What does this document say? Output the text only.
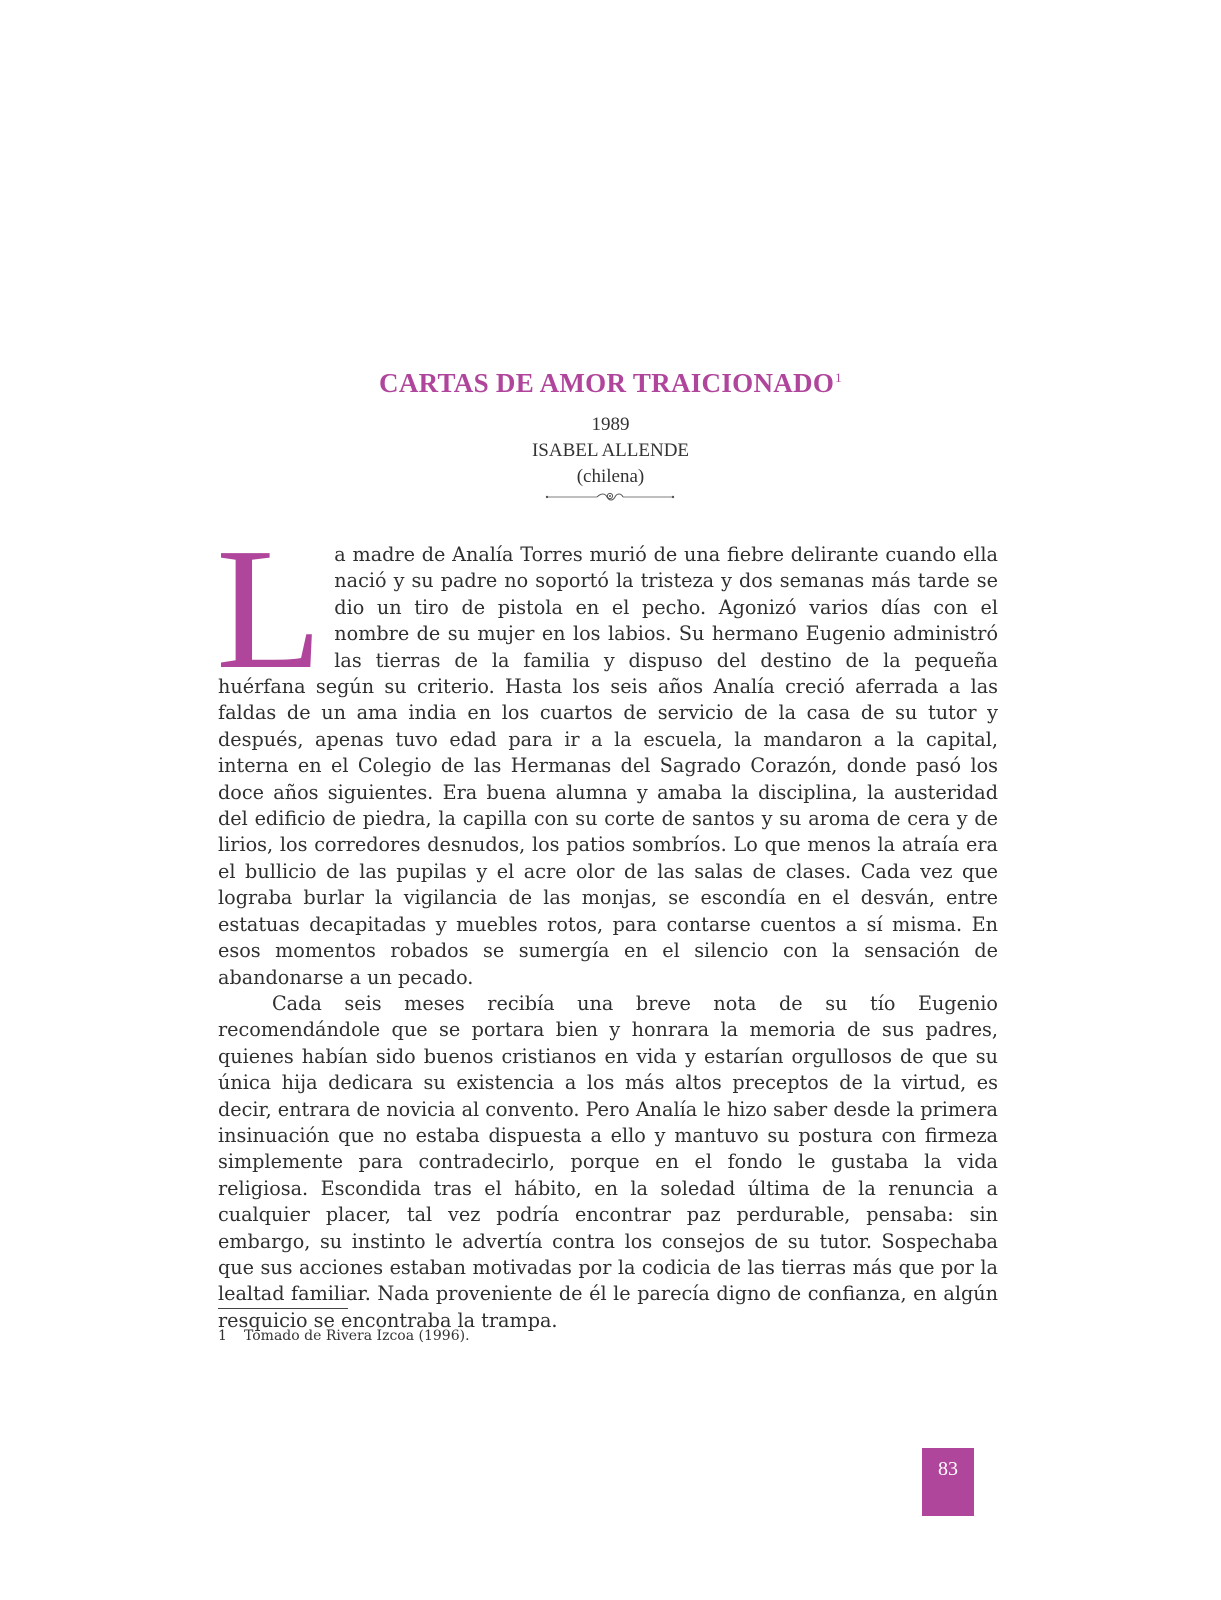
CARTAS DE AMOR TRAICIONADO$^1$
1989
ISABEL ALLENDE
(chilena)

La madre de Analía Torres murió de una fiebre delirante cuando ella nació y su padre no soportó la tristeza y dos semanas más tarde se dio un tiro de pistola en el pecho. Agonizó varios días con el nombre de su mujer en los labios. Su hermano Eugenio administró las tierras de la familia y dispuso del destino de la pequeña huérfana según su criterio. Hasta los seis años Analía creció aferrada a las faldas de un ama india en los cuartos de servicio de la casa de su tutor y después, apenas tuvo edad para ir a la escuela, la mandaron a la capital, interna en el Colegio de las Hermanas del Sagrado Corazón, donde pasó los doce años siguientes. Era buena alumna y amaba la disciplina, la austeridad del edificio de piedra, la capilla con su corte de santos y su aroma de cera y de lirios, los corredores desnudos, los patios sombríos. Lo que menos la atraía era el bullicio de las pupilas y el acre olor de las salas de clases. Cada vez que lograba burlar la vigilancia de las monjas, se escondía en el desván, entre estatuas decapitadas y muebles rotos, para contarse cuentos a sí misma. En esos momentos robados se sumergía en el silencio con la sensación de abandonarse a un pecado.

Cada seis meses recibía una breve nota de su tío Eugenio recomendándole que se portara bien y honrara la memoria de sus padres, quienes habían sido buenos cristianos en vida y estarían orgullosos de que su única hija dedicara su existencia a los más altos preceptos de la virtud, es decir, entrara de novicia al convento. Pero Analía le hizo saber desde la primera insinuación que no estaba dispuesta a ello y mantuvo su postura con firmeza simplemente para contradecirlo, porque en el fondo le gustaba la vida religiosa. Escondida tras el hábito, en la soledad última de la renuncia a cualquier placer, tal vez podría encontrar paz perdurable, pensaba: sin embargo, su instinto le advertía contra los consejos de su tutor. Sospechaba que sus acciones estaban motivadas por la codicia de las tierras más que por la lealtad familiar. Nada proveniente de él le parecía digno de confianza, en algún resquicio se encontraba la trampa.

1 Tomado de Rivera Izcoa (1996).
83
